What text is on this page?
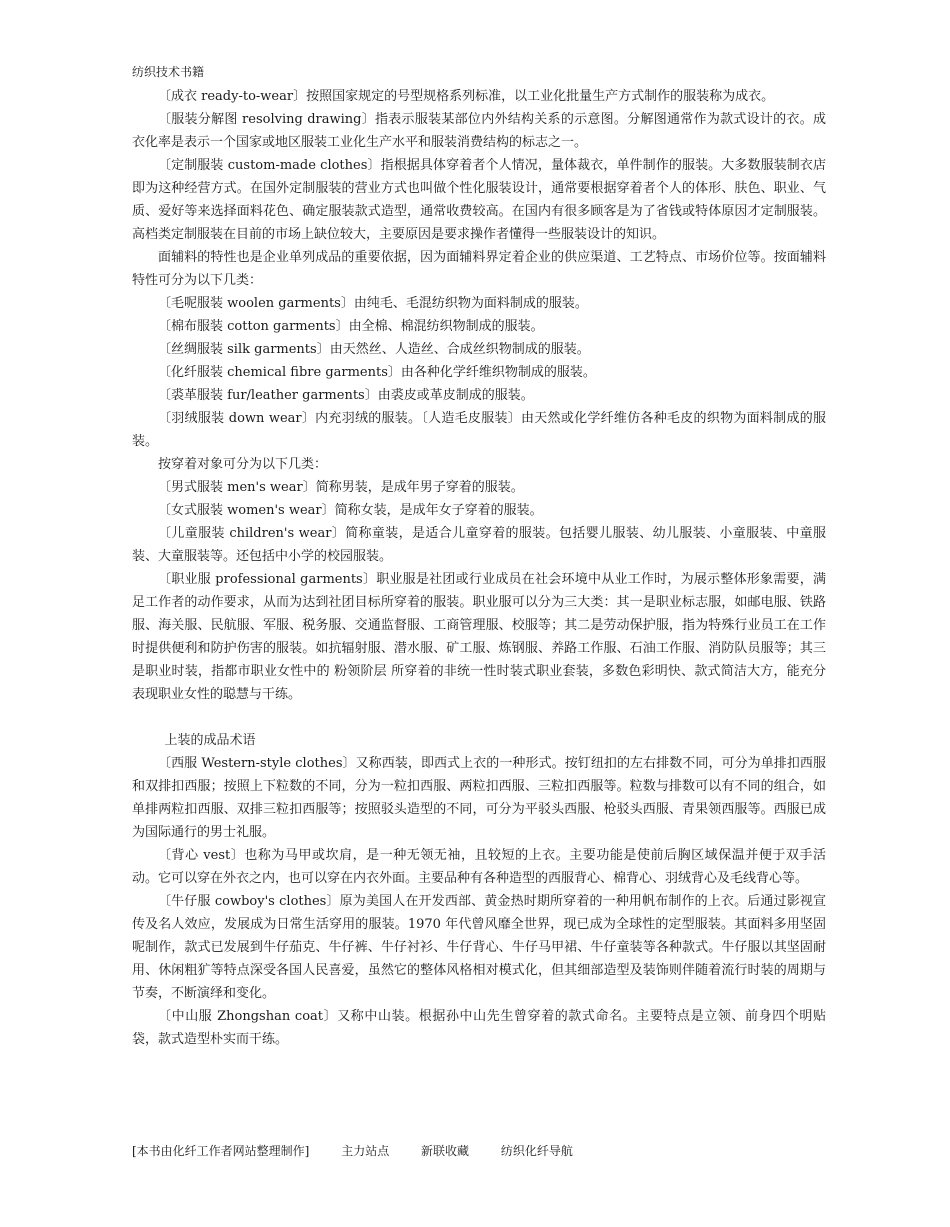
纺织技术书籍

〔成衣 ready-to-wear〕按照国家规定的号型规格系列标准，以工业化批量生产方式制作的服装称为成衣。

〔服装分解图 resolving drawing〕指表示服装某部位内外结构关系的示意图。分解图通常作为款式设计的衣。成衣化率是表示一个国家或地区服装工业化生产水平和服装消费结构的标志之一。

〔定制服装 custom-made clothes〕指根据具体穿着者个人情况，量体裁衣，单件制作的服装。大多数服装制衣店即为这种经营方式。在国外定制服装的营业方式也叫做个性化服装设计，通常要根据穿着者个人的体形、肤色、职业、气质、爱好等来选择面料花色、确定服装款式造型，通常收费较高。在国内有很多顾客是为了省钱或特体原因才定制服装。高档类定制服装在目前的市场上缺位较大，主要原因是要求操作者懂得一些服装设计的知识。

面辅料的特性也是企业单列成品的重要依据，因为面辅料界定着企业的供应渠道、工艺特点、市场价位等。按面辅料特性可分为以下几类：

〔毛呢服装 woolen garments〕由纯毛、毛混纺织物为面料制成的服装。

〔棉布服装 cotton garments〕由全棉、棉混纺织物制成的服装。

〔丝绸服装 silk garments〕由天然丝、人造丝、合成丝织物制成的服装。

〔化纤服装 chemical fibre garments〕由各种化学纤维织物制成的服装。

〔裘革服装 fur/leather garments〕由裘皮或革皮制成的服装。

〔羽绒服装 down wear〕内充羽绒的服装。〔人造毛皮服装〕由天然或化学纤维仿各种毛皮的织物为面料制成的服装。

按穿着对象可分为以下几类：

〔男式服装 men's wear〕简称男装，是成年男子穿着的服装。

〔女式服装 women's wear〕简称女装，是成年女子穿着的服装。

〔儿童服装 children's wear〕简称童装，是适合儿童穿着的服装。包括婴儿服装、幼儿服装、小童服装、中童服装、大童服装等。还包括中小学的校园服装。

〔职业服 professional garments〕职业服是社团或行业成员在社会环境中从业工作时，为展示整体形象需要，满足工作者的动作要求，从而为达到社团目标所穿着的服装。职业服可以分为三大类：其一是职业标志服，如邮电服、铁路服、海关服、民航服、军服、税务服、交通监督服、工商管理服、校服等；其二是劳动保护服，指为特殊行业员工在工作时提供便利和防护伤害的服装。如抗辐射服、潜水服、矿工服、炼钢服、养路工作服、石油工作服、消防队员服等；其三是职业时装，指都市职业女性中的 粉领阶层 所穿着的非统一性时装式职业套装，多数色彩明快、款式简洁大方，能充分表现职业女性的聪慧与干练。

上装的成品术语

〔西服 Western-style clothes〕又称西装，即西式上衣的一种形式。按钉纽扣的左右排数不同，可分为单排扣西服和双排扣西服；按照上下粒数的不同，分为一粒扣西服、两粒扣西服、三粒扣西服等。粒数与排数可以有不同的组合，如单排两粒扣西服、双排三粒扣西服等；按照驳头造型的不同，可分为平驳头西服、枪驳头西服、青果领西服等。西服已成为国际通行的男士礼服。

〔背心 vest〕也称为马甲或坎肩，是一种无领无袖，且较短的上衣。主要功能是使前后胸区域保温并便于双手活动。它可以穿在外衣之内，也可以穿在内衣外面。主要品种有各种造型的西服背心、棉背心、羽绒背心及毛线背心等。

〔牛仔服 cowboy's clothes〕原为美国人在开发西部、黄金热时期所穿着的一种用帆布制作的上衣。后通过影视宣传及名人效应，发展成为日常生活穿用的服装。1970 年代曾风靡全世界，现已成为全球性的定型服装。其面料多用坚固呢制作，款式已发展到牛仔茄克、牛仔裤、牛仔衬衫、牛仔背心、牛仔马甲裙、牛仔童装等各种款式。牛仔服以其坚固耐用、休闲粗犷等特点深受各国人民喜爱，虽然它的整体风格相对模式化，但其细部造型及装饰则伴随着流行时装的周期与节奏，不断演绎和变化。

〔中山服 Zhongshan coat〕又称中山装。根据孙中山先生曾穿着的款式命名。主要特点是立领、前身四个明贴袋，款式造型朴实而干练。

[本书由化纤工作者网站整理制作]	主力站点	新联收藏	纺织化纤导航
